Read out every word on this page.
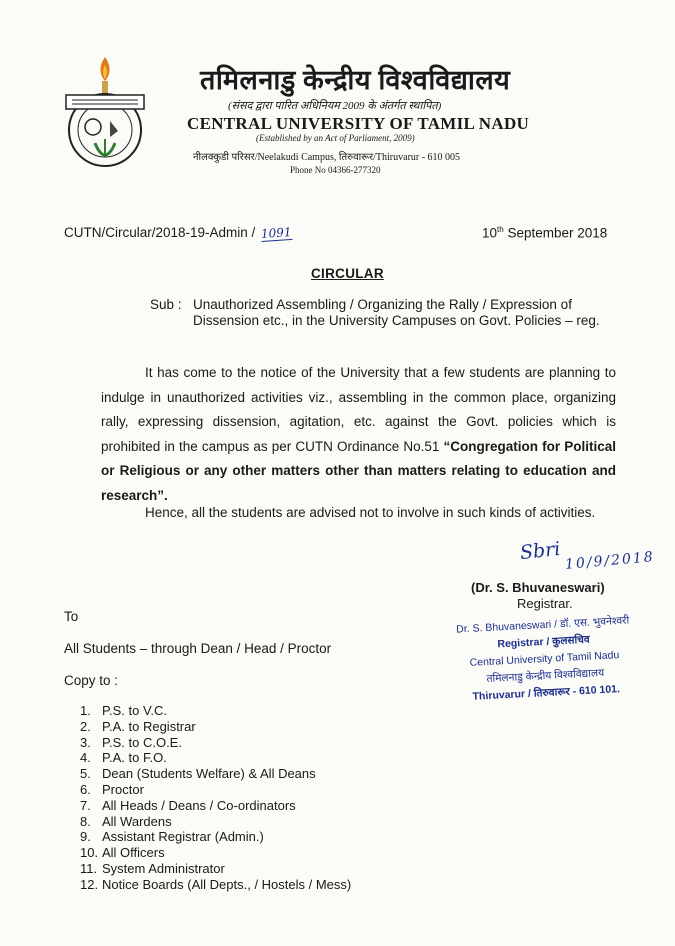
तमिलनाडु केन्द्रीय विश्वविद्यालय
(संसद द्वारा पारित अधिनियम 2009 के अंतर्गत स्थापित)
CENTRAL UNIVERSITY OF TAMIL NADU
(Established by an Act of Parliament, 2009)
नीलक्कुडी परिसर/Neelakudi Campus, तिरुवारूर/Thiruvarur - 610 005
Phone No 04366-277320
CUTN/Circular/2018-19-Admin / 1091	10th September 2018
CIRCULAR
Sub : Unauthorized Assembling / Organizing the Rally / Expression of Dissension etc., in the University Campuses on Govt. Policies – reg.
It has come to the notice of the University that a few students are planning to indulge in unauthorized activities viz., assembling in the common place, organizing rally, expressing dissension, agitation, etc. against the Govt. policies which is prohibited in the campus as per CUTN Ordinance No.51 “Congregation for Political or Religious or any other matters other than matters relating to education and research”.
Hence, all the students are advised not to involve in such kinds of activities.
Sbri 10/9/2018
(Dr. S. Bhuvaneswari)
Registrar.
Dr. S. Bhuvaneswari / डॉ. एस. भुवनेश्वरी
Registrar / कुलसचिव
Central University of Tamil Nadu
तमिलनाडु केन्द्रीय विश्वविद्यालय
Thiruvarur / तिरुवारूर - 610 101.
To
All Students – through Dean / Head / Proctor
Copy to :
1. P.S. to V.C.
2. P.A. to Registrar
3. P.S. to C.O.E.
4. P.A. to F.O.
5. Dean (Students Welfare) & All Deans
6. Proctor
7. All Heads / Deans / Co-ordinators
8. All Wardens
9. Assistant Registrar (Admin.)
10. All Officers
11. System Administrator
12. Notice Boards (All Depts., / Hostels / Mess)
